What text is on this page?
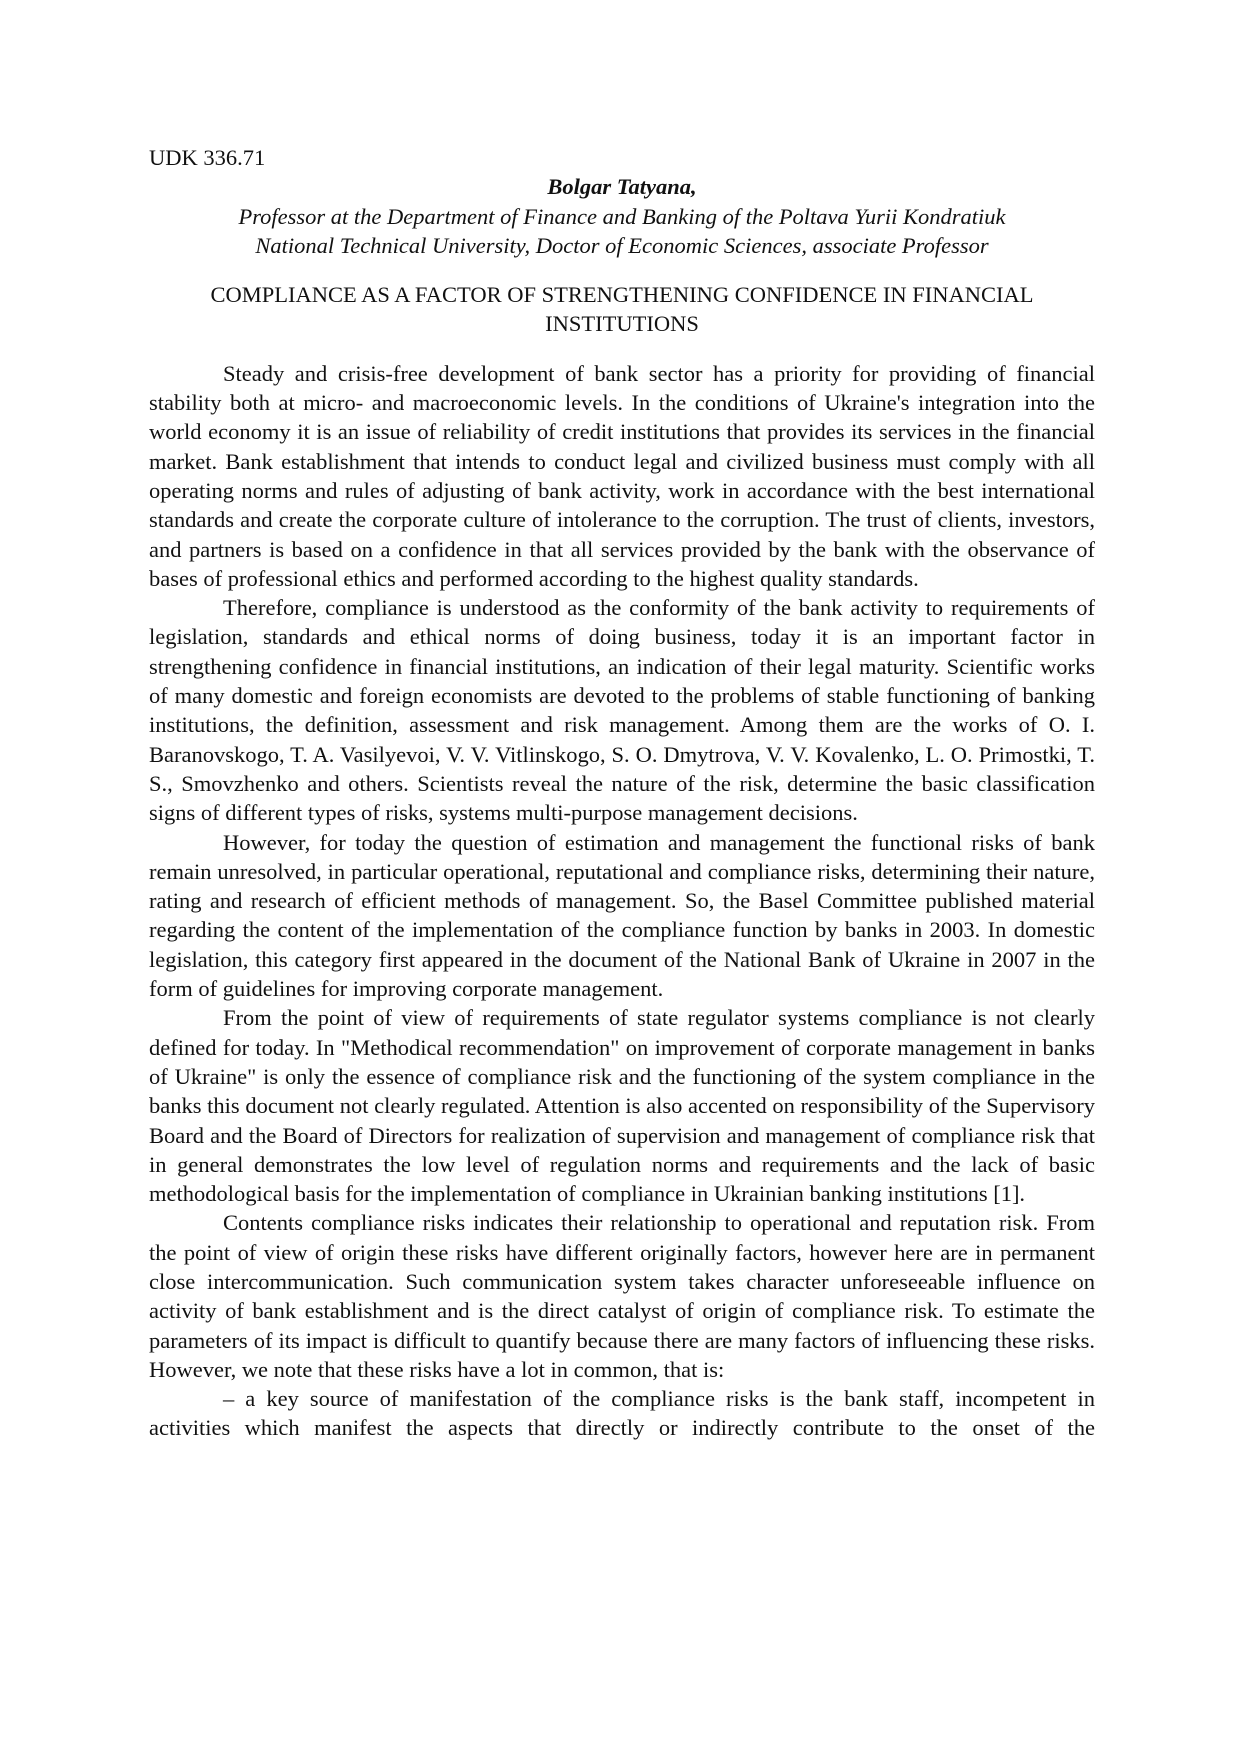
UDK 336.71

Bolgar Tatyana,

Professor at the Department of Finance and Banking of the Poltava Yurii Kondratiuk

National Technical University, Doctor of Economic Sciences, associate Professor

COMPLIANCE AS A FACTOR OF STRENGTHENING CONFIDENCE IN FINANCIAL
INSTITUTIONS

Steady and crisis-free development of bank sector has a priority for providing of financial stability both at micro- and macroeconomic levels. In the conditions of Ukraine's integration into the world economy it is an issue of reliability of credit institutions that provides its services in the financial market. Bank establishment that intends to conduct legal and civilized business must comply with all operating norms and rules of adjusting of bank activity, work in accordance with the best international standards and create the corporate culture of intolerance to the corruption. The trust of clients, investors, and partners is based on a confidence in that all services provided by the bank with the observance of bases of professional ethics and performed according to the highest quality standards.

Therefore, compliance is understood as the conformity of the bank activity to requirements of legislation, standards and ethical norms of doing business, today it is an important factor in strengthening confidence in financial institutions, an indication of their legal maturity. Scientific works of many domestic and foreign economists are devoted to the problems of stable functioning of banking institutions, the definition, assessment and risk management. Among them are the works of O. I. Baranovskogo, T. A. Vasilyevoi, V. V. Vitlinskogo, S. O. Dmytrova, V. V. Kovalenko, L. O. Primostki, T. S., Smovzhenko and others. Scientists reveal the nature of the risk, determine the basic classification signs of different types of risks, systems multi-purpose management decisions.

However, for today the question of estimation and management the functional risks of bank remain unresolved, in particular operational, reputational and compliance risks, determining their nature, rating and research of efficient methods of management. So, the Basel Committee published material regarding the content of the implementation of the compliance function by banks in 2003. In domestic legislation, this category first appeared in the document of the National Bank of Ukraine in 2007 in the form of guidelines for improving corporate management.

From the point of view of requirements of state regulator systems compliance is not clearly defined for today. In "Methodical recommendation" on improvement of corporate management in banks of Ukraine" is only the essence of compliance risk and the functioning of the system compliance in the banks this document not clearly regulated. Attention is also accented on responsibility of the Supervisory Board and the Board of Directors for realization of supervision and management of compliance risk that in general demonstrates the low level of regulation norms and requirements and the lack of basic methodological basis for the implementation of compliance in Ukrainian banking institutions [1].

Contents compliance risks indicates their relationship to operational and reputation risk. From the point of view of origin these risks have different originally factors, however here are in permanent close intercommunication. Such communication system takes character unforeseeable influence on activity of bank establishment and is the direct catalyst of origin of compliance risk. To estimate the parameters of its impact is difficult to quantify because there are many factors of influencing these risks. However, we note that these risks have a lot in common, that is:

– a key source of manifestation of the compliance risks is the bank staff, incompetent in activities which manifest the aspects that directly or indirectly contribute to the onset of the
